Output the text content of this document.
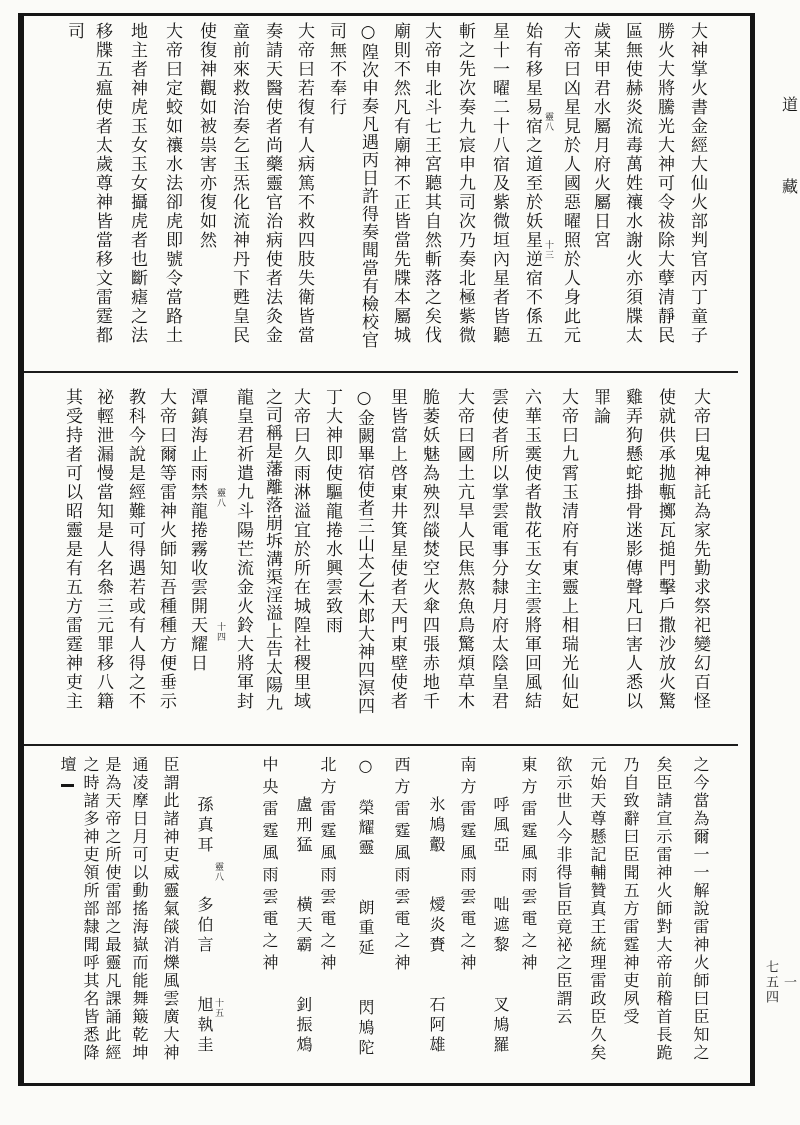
道
藏
一
七五四
大神掌火書金經大仙火部判官丙丁童子
勝火大將騰光大神可令祓除大孽清靜民
區無使赫炎流毒萬姓禳水謝火亦須牒太
歲某甲君水屬月府火屬日宮
大帝曰凶星見於人國惡曜照於人身此元
始有移星易宿之道至於妖星逆宿不係五
星十一曜二十八宿及紫微垣內星者皆聽
斬之先次奏九宸申九司次乃奏北極紫微
大帝申北斗七王宮聽其自然斬落之矣伐
廟則不然凡有廟神不正皆當先牒本屬城
○隍次申奏凡遇丙日許得奏聞當有檢校官
司無不奉行
大帝曰若復有人病篤不救四肢失衛皆當
奏請天醫使者尚藥靈官治病使者法灸金
童前來救治奏乞玉炁化流神丹下甦皇民
使復神觀如被祟害亦復如然
大帝曰定蛟如禳水法卻虎即號令當路土
地主者神虎玉女玉女攝虎者也斷瘧之法
移牒五瘟使者太歲尊神皆當移文雷霆都
司
靈八
十三
大帝曰鬼神託為家先勤求祭祀變幻百怪
使就供承拋甎擲瓦搥門擊戶撒沙放火驚
雞弄狗懸蛇掛骨迷影傳聲凡曰害人悉以
罪論
大帝曰九霄玉清府有東靈上相瑞光仙妃
六華玉霙使者散花玉女主雲將軍回風結
雲使者所以掌雲電事分隸月府太陰皇君
大帝曰國土亢旱人民焦熬魚鳥驚煩草木
脆萎妖魅為殃烈燄焚空火傘四張赤地千
里皆當上啓東井箕星使者天門東壁使者
○金闕畢宿使者三山太乙木郎大神四溟四
丁大神即使驅龍捲水興雲致雨
大帝曰久雨淋溢宜於所在城隍社稷里域
之司稱是藩離落崩坼溝渠淫溢上告太陽九
龍皇君祈遣九斗陽芒流金火鈴大將軍封
潭鎮海止雨禁龍捲霧收雲開天耀日
大帝曰爾等雷神火師知吾種種方便垂示
教科今說是經難可得遇若或有人得之不
祕輕泄漏慢當知是人名叅三元罪移八籍
其受持者可以昭靈是有五方雷霆神吏主	靈八
十四
之今當為爾一一解說雷神火師曰臣知之
矣臣請宣示雷神火師對大帝前稽首長跪
乃自致辭曰臣聞五方雷霆神吏夙受
元始天尊懸記輔贊真王統理雷政臣久矣
欲示世人今非得旨臣竟祕之臣謂云
東方雷霆風雨雲電之神
　　呼風亞　　咄遮黎　　叉鳩羅
南方雷霆風雨雲電之神
　　氷鳩鷇　　燰炎賚　　石阿雄
西方雷霆風雨雲電之神
○　榮耀靈　　朗重延　　閃鳩陀
北方雷霆風雨雲電之神
　　盧刑猛　　橫天霸　　釗振鴆
中央雷霆風雨雲電之神
　　孫真耳　　多伯言　　旭執圭
臣謂此諸神吏威靈氣燄消爍風雲廣大神
通凌摩日月可以動搖海嶽而能舞簸乾坤
是為天帝之所使雷部之最靈凡課誦此經
之時諸多神吏領所部隸聞呼其名皆悉降
壇
靈八
十五
